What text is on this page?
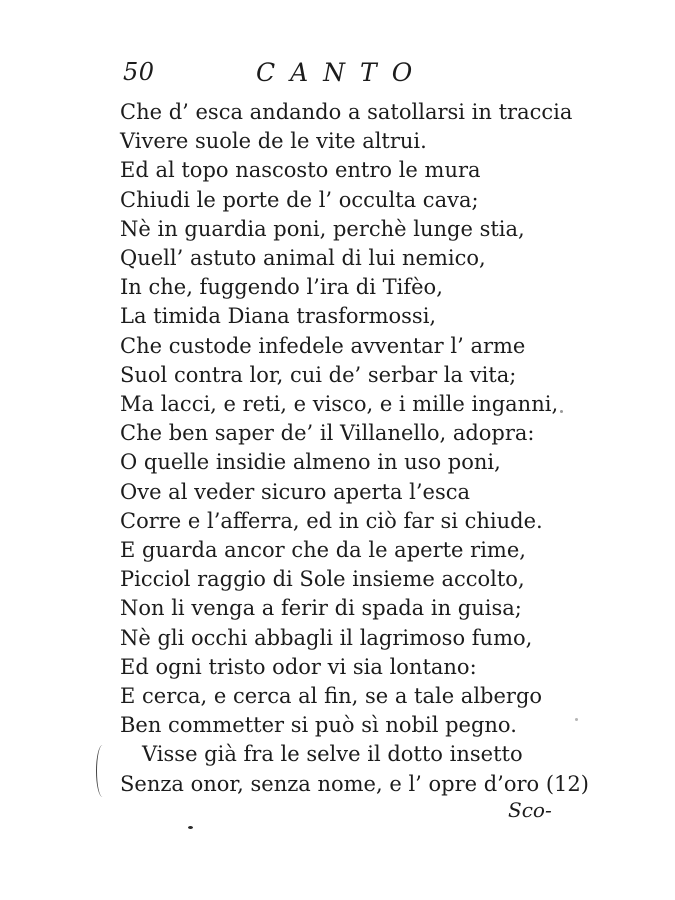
50	CANTO
Che d’ esca andando a satollarsi in traccia
Vivere suole de le vite altrui.
Ed al topo nascosto entro le mura
Chiudi le porte de l’ occulta cava;
Nè in guardia poni, perchè lunge stia,
Quell’ astuto animal di lui nemico,
In che, fuggendo l’ira di Tifèo,
La timida Diana trasformossi,
Che custode infedele avventar l’ arme
Suol contra lor, cui de’ serbar la vita;
Ma lacci, e reti, e visco, e i mille inganni,
Che ben saper de’ il Villanello, adopra:
O quelle insidie almeno in uso poni,
Ove al veder sicuro aperta l’esca
Corre e l’afferra, ed in ciò far si chiude.
E guarda ancor che da le aperte rime,
Picciol raggio di Sole insieme accolto,
Non li venga a ferir di spada in guisa;
Nè gli occhi abbagli il lagrimoso fumo,
Ed ogni tristo odor vi sia lontano:
E cerca, e cerca al fin, se a tale albergo
Ben commetter si può sì nobil pegno.
Visse già fra le selve il dotto insetto
Senza onor, senza nome, e l’ opre d’oro (12)
Sco-
